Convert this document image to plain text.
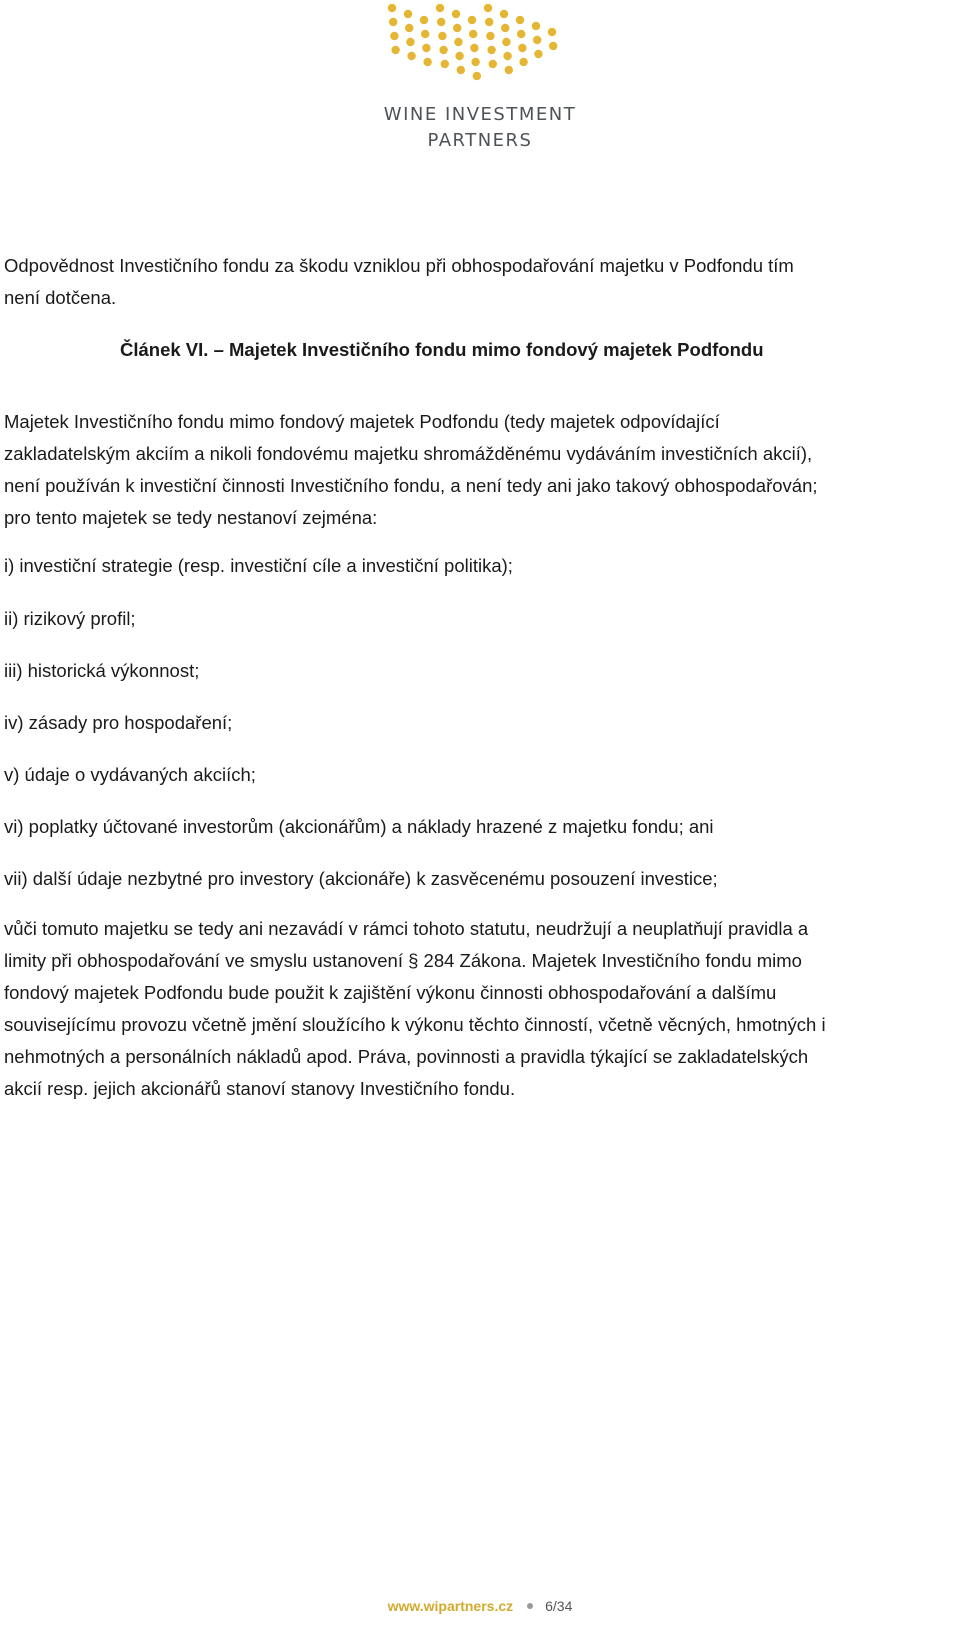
WINE INVESTMENT
PARTNERS
Odpovědnost Investičního fondu za škodu vzniklou při obhospodařování majetku v Podfondu tím
není dotčena.
Článek VI. – Majetek Investičního fondu mimo fondový majetek Podfondu
Majetek Investičního fondu mimo fondový majetek Podfondu (tedy majetek odpovídající
zakladatelským akciím a nikoli fondovému majetku shromážděnému vydáváním investičních akcií),
není používán k investiční činnosti Investičního fondu, a není tedy ani jako takový obhospodařován;
pro tento majetek se tedy nestanoví zejména:
i) investiční strategie (resp. investiční cíle a investiční politika);
ii) rizikový profil;
iii) historická výkonnost;
iv) zásady pro hospodaření;
v) údaje o vydávaných akciích;
vi) poplatky účtované investorům (akcionářům) a náklady hrazené z majetku fondu; ani
vii) další údaje nezbytné pro investory (akcionáře) k zasvěcenému posouzení investice;
vůči tomuto majetku se tedy ani nezavádí v rámci tohoto statutu, neudržují a neuplatňují pravidla a
limity při obhospodařování ve smyslu ustanovení § 284 Zákona. Majetek Investičního fondu mimo
fondový majetek Podfondu bude použit k zajištění výkonu činnosti obhospodařování a dalšímu
souvisejícímu provozu včetně jmění sloužícího k výkonu těchto činností, včetně věcných, hmotných i
nehmotných a personálních nákladů apod. Práva, povinnosti a pravidla týkající se zakladatelských
akcií resp. jejich akcionářů stanoví stanovy Investičního fondu.
www.wipartners.cz 6/34
